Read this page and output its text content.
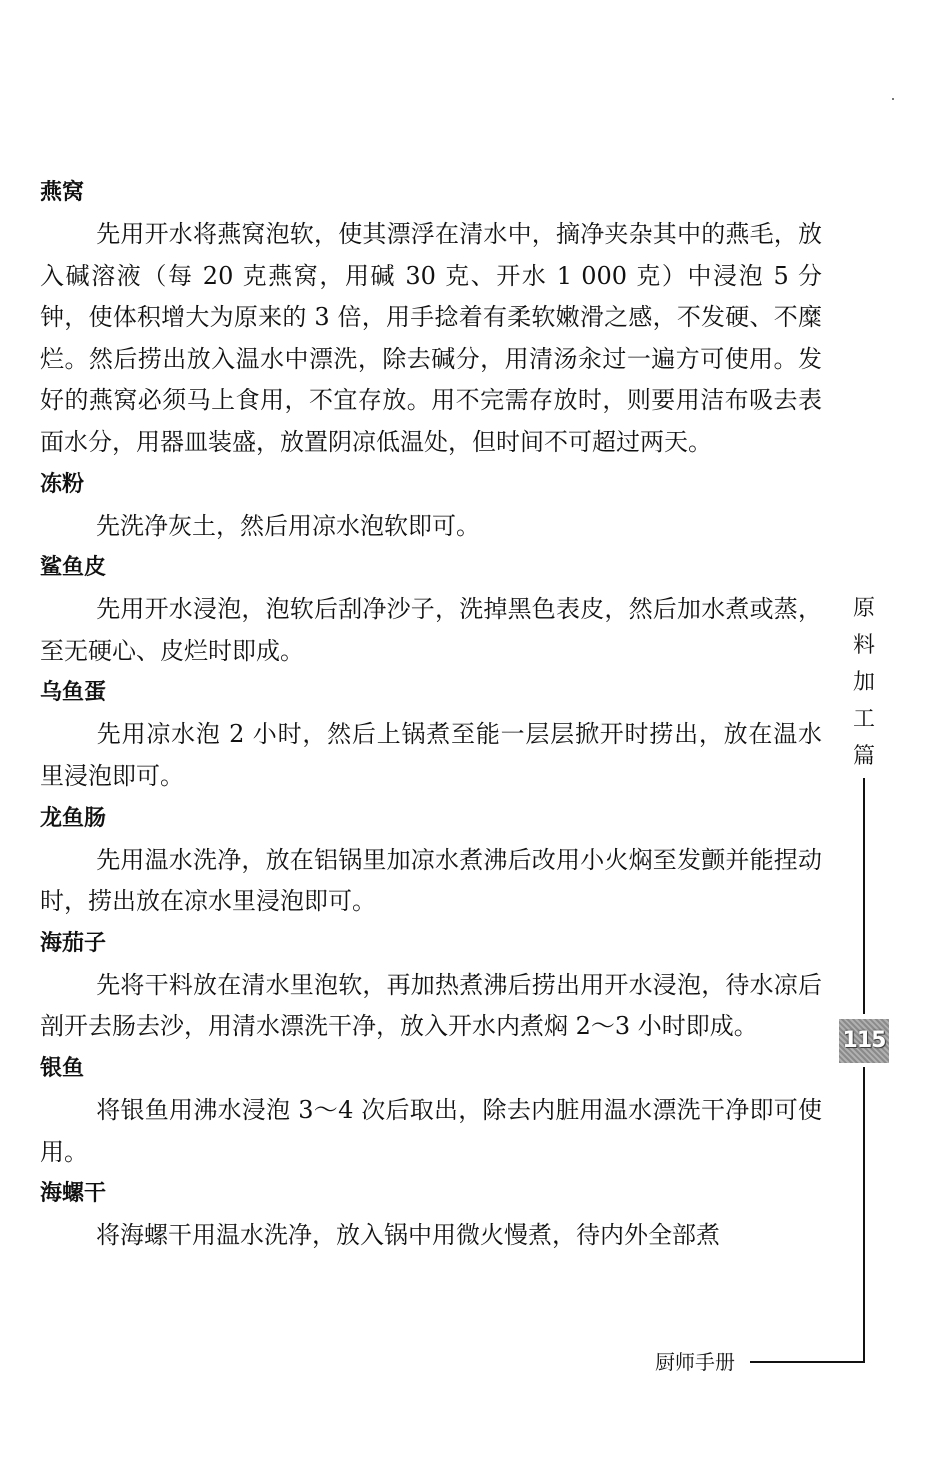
燕窝

先用开水将燕窝泡软，使其漂浮在清水中，摘净夹杂其中的燕毛，放入碱溶液（每 20 克燕窝，用碱 30 克、开水 1 000 克）中浸泡 5 分钟，使体积增大为原来的 3 倍，用手捻着有柔软嫩滑之感，不发硬、不糜烂。然后捞出放入温水中漂洗，除去碱分，用清汤汆过一遍方可使用。发好的燕窝必须马上食用，不宜存放。用不完需存放时，则要用洁布吸去表面水分，用器皿装盛，放置阴凉低温处，但时间不可超过两天。

冻粉

先洗净灰土，然后用凉水泡软即可。

鲨鱼皮

先用开水浸泡，泡软后刮净沙子，洗掉黑色表皮，然后加水煮或蒸，至无硬心、皮烂时即成。

乌鱼蛋

先用凉水泡 2 小时，然后上锅煮至能一层层掀开时捞出，放在温水里浸泡即可。

龙鱼肠

先用温水洗净，放在铝锅里加凉水煮沸后改用小火焖至发颤并能捏动时，捞出放在凉水里浸泡即可。

海茄子

先将干料放在清水里泡软，再加热煮沸后捞出用开水浸泡，待水凉后剖开去肠去沙，用清水漂洗干净，放入开水内煮焖 2～3 小时即成。

银鱼

将银鱼用沸水浸泡 3～4 次后取出，除去内脏用温水漂洗干净即可使用。

海螺干

将海螺干用温水洗净，放入锅中用微火慢煮，待内外全部煮

原
料
加
工
篇
115
厨师手册
